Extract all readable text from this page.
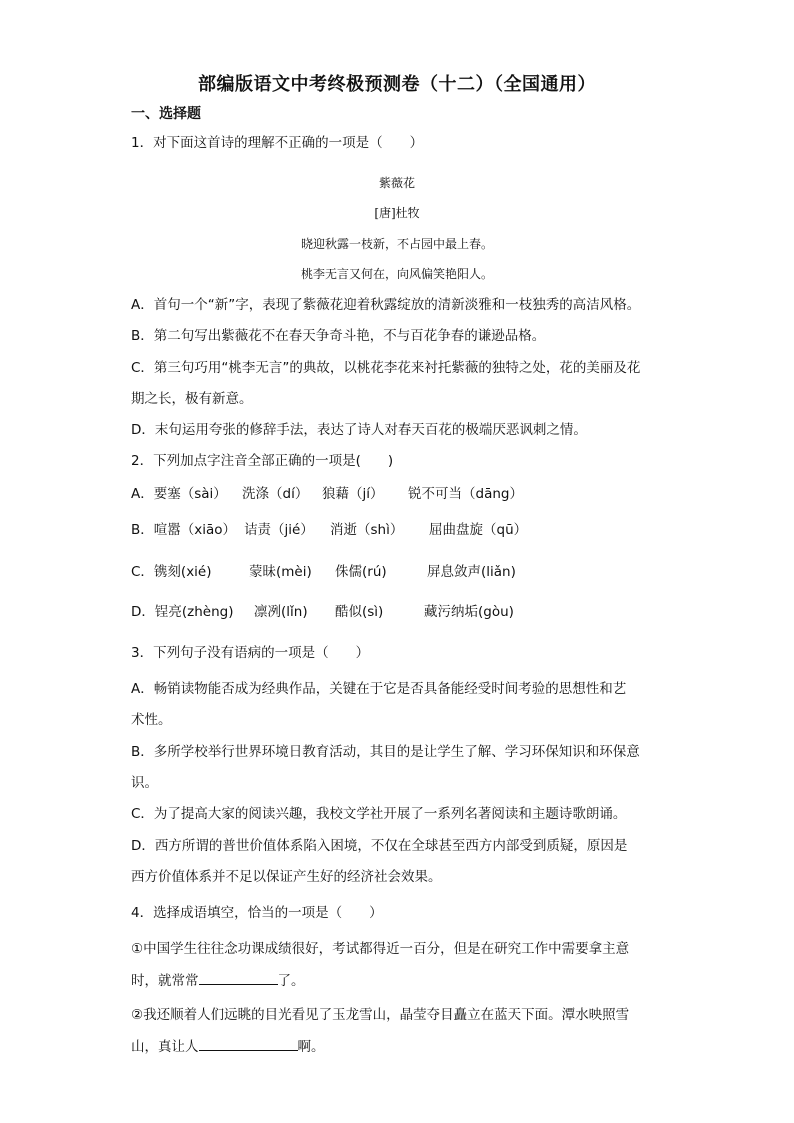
部编版语文中考终极预测卷（十二）（全国通用）
一、选择题
1．对下面这首诗的理解不正确的一项是（　　）
紫薇花
[唐]杜牧
晓迎秋露一枝新，不占园中最上春。
桃李无言又何在，向风偏笑艳阳人。
A．首句一个“新”字，表现了紫薇花迎着秋露绽放的清新淡雅和一枝独秀的高洁风格。
B．第二句写出紫薇花不在春天争奇斗艳，不与百花争春的谦逊品格。
C．第三句巧用“桃李无言”的典故，以桃花李花来衬托紫薇的独特之处，花的美丽及花
期之长，极有新意。
D．末句运用夸张的修辞手法，表达了诗人对春天百花的极端厌恶讽刺之情。
2．下列加点字注音全部正确的一项是(　　)
A．要塞（sài） 洗涤（dí） 狼藉（jí） 锐不可当（dāng）
B．喧嚣（xiāo） 诘责（jié） 消逝（shì） 屈曲盘旋（qū）
C．镌刻(xié)	蒙昧(mèi) 侏儒(rú)	屏息敛声(liǎn)
D．锃亮(zhèng) 凛冽(lǐn) 酷似(sì)	藏污纳垢(gòu)
3．下列句子没有语病的一项是（　　）
A．畅销读物能否成为经典作品，关键在于它是否具备能经受时间考验的思想性和艺
术性。
B．多所学校举行世界环境日教育活动，其目的是让学生了解、学习环保知识和环保意
识。
C．为了提高大家的阅读兴趣，我校文学社开展了一系列名著阅读和主题诗歌朗诵。
D．西方所谓的普世价值体系陷入困境，不仅在全球甚至西方内部受到质疑，原因是
西方价值体系并不足以保证产生好的经济社会效果。
4．选择成语填空，恰当的一项是（　　）
①中国学生往往念功课成绩很好，考试都得近一百分，但是在研究工作中需要拿主意
时，就常常	了。
②我还顺着人们远眺的目光看见了玉龙雪山，晶莹夺目矗立在蓝天下面。潭水映照雪
山，真让人	啊。
